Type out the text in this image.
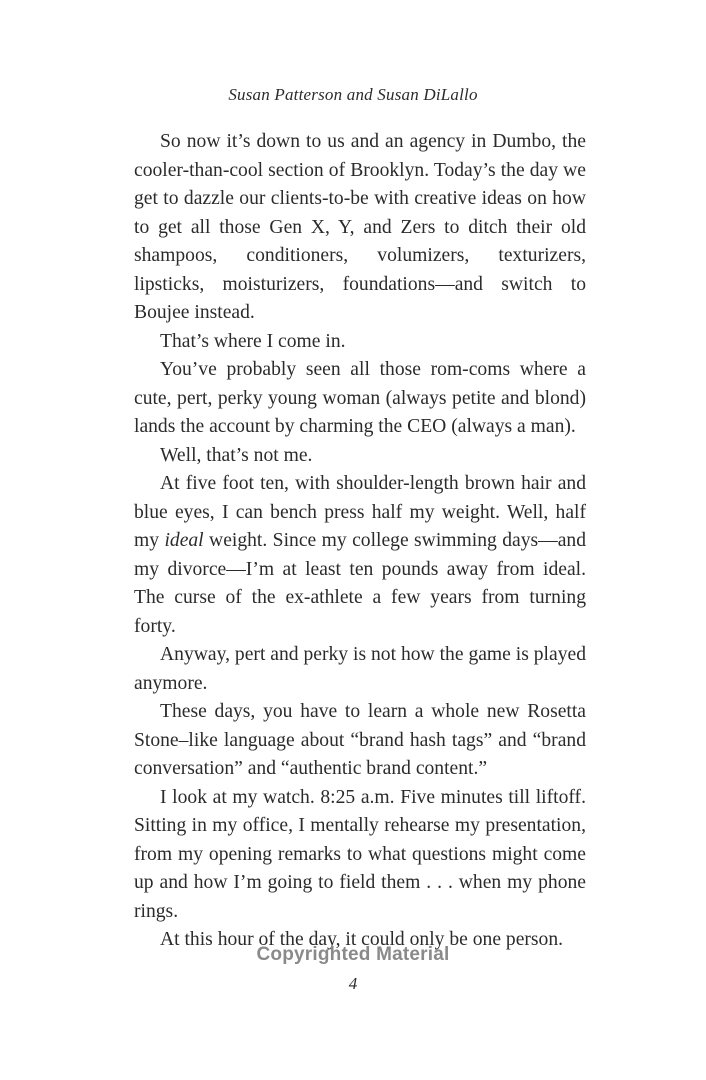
Susan Patterson and Susan DiLallo

So now it’s down to us and an agency in Dumbo, the cooler-than-cool section of Brooklyn. Today’s the day we get to dazzle our clients-to-be with creative ideas on how to get all those Gen X, Y, and Zers to ditch their old shampoos, conditioners, volumizers, texturizers, lipsticks, moisturizers, foundations—and switch to Boujee instead.

That’s where I come in.

You’ve probably seen all those rom-coms where a cute, pert, perky young woman (always petite and blond) lands the account by charming the CEO (always a man).

Well, that’s not me.

At five foot ten, with shoulder-length brown hair and blue eyes, I can bench press half my weight. Well, half my ideal weight. Since my college swimming days—and my divorce—I’m at least ten pounds away from ideal. The curse of the ex-athlete a few years from turning forty.

Anyway, pert and perky is not how the game is played anymore.

These days, you have to learn a whole new Rosetta Stone–like language about “brand hash tags” and “brand conversation” and “authentic brand content.”

I look at my watch. 8:25 a.m. Five minutes till liftoff. Sitting in my office, I mentally rehearse my presentation, from my opening remarks to what questions might come up and how I’m going to field them . . . when my phone rings.

At this hour of the day, it could only be one person.

Copyrighted Material
4
